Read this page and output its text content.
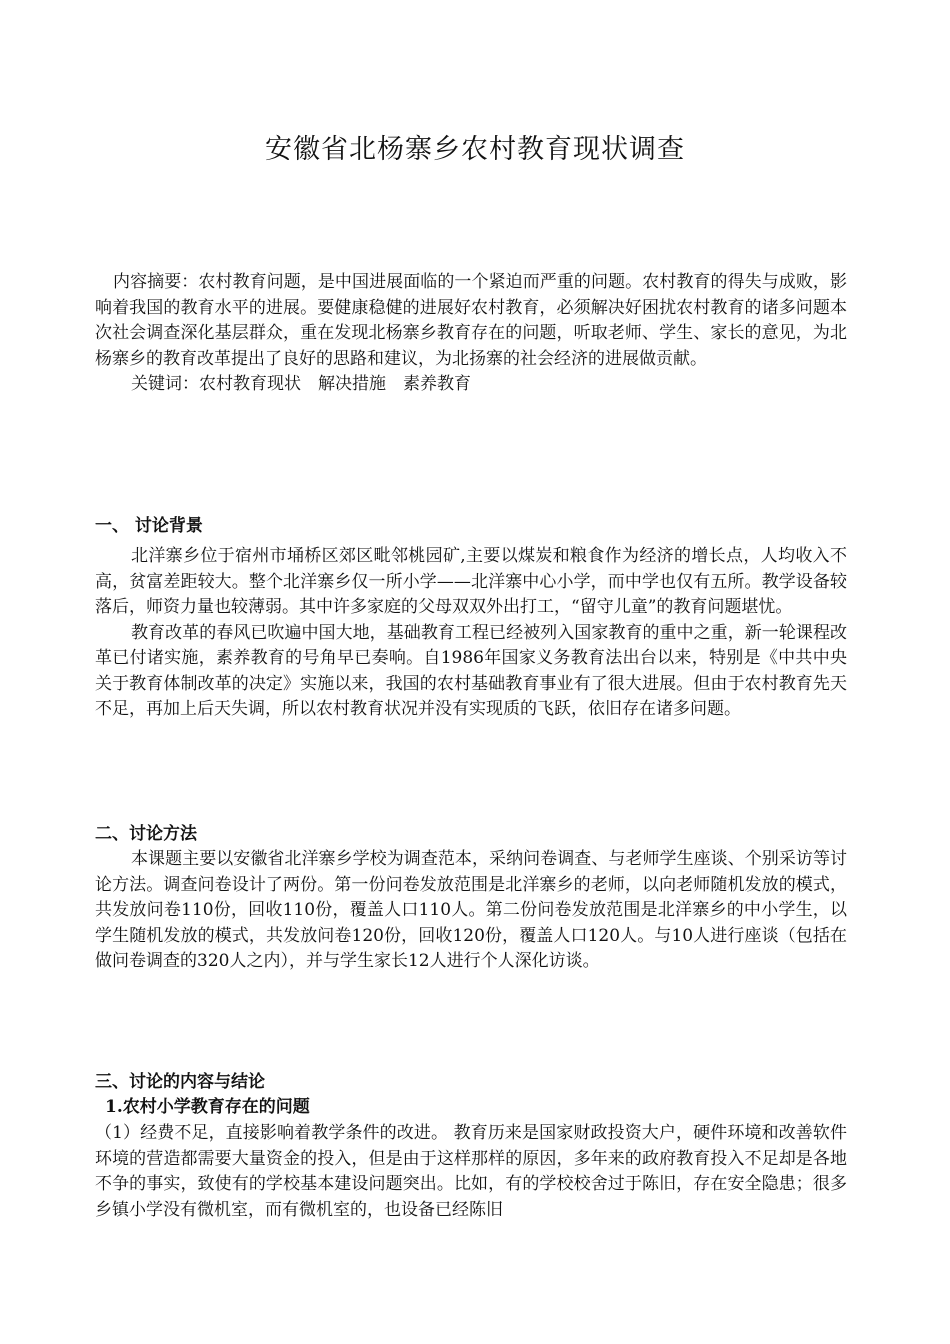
安徽省北杨寨乡农村教育现状调查

内容摘要：农村教育问题，是中国进展面临的一个紧迫而严重的问题。农村教育的得失与成败，影响着我国的教育水平的进展。要健康稳健的进展好农村教育，必须解决好困扰农村教育的诸多问题本次社会调查深化基层群众，重在发现北杨寨乡教育存在的问题，听取老师、学生、家长的意见，为北杨寨乡的教育改革提出了良好的思路和建议，为北扬寨的社会经济的进展做贡献。

关键词：农村教育现状　解决措施　素养教育

一、 讨论背景

北洋寨乡位于宿州市埇桥区郊区毗邻桃园矿,主要以煤炭和粮食作为经济的增长点，人均收入不高，贫富差距较大。整个北洋寨乡仅一所小学——北洋寨中心小学，而中学也仅有五所。教学设备较落后，师资力量也较薄弱。其中许多家庭的父母双双外出打工，“留守儿童”的教育问题堪忧。

教育改革的春风已吹遍中国大地，基础教育工程已经被列入国家教育的重中之重，新一轮课程改革已付诸实施，素养教育的号角早已奏响。自1986年国家义务教育法出台以来，特别是《中共中央关于教育体制改革的决定》实施以来，我国的农村基础教育事业有了很大进展。但由于农村教育先天不足，再加上后天失调，所以农村教育状况并没有实现质的飞跃，依旧存在诸多问题。

二、讨论方法

本课题主要以安徽省北洋寨乡学校为调查范本，采纳问卷调查、与老师学生座谈、个别采访等讨论方法。调查问卷设计了两份。第一份问卷发放范围是北洋寨乡的老师，以向老师随机发放的模式，共发放问卷110份，回收110份，覆盖人口110人。第二份问卷发放范围是北洋寨乡的中小学生，以学生随机发放的模式，共发放问卷120份，回收120份，覆盖人口120人。与10人进行座谈（包括在做问卷调查的320人之内），并与学生家长12人进行个人深化访谈。

三、讨论的内容与结论
1.农村小学教育存在的问题

（1）经费不足，直接影响着教学条件的改进。 教育历来是国家财政投资大户，硬件环境和改善软件环境的营造都需要大量资金的投入，但是由于这样那样的原因，多年来的政府教育投入不足却是各地不争的事实，致使有的学校基本建设问题突出。比如，有的学校校舍过于陈旧，存在安全隐患；很多乡镇小学没有微机室，而有微机室的，也设备已经陈旧
